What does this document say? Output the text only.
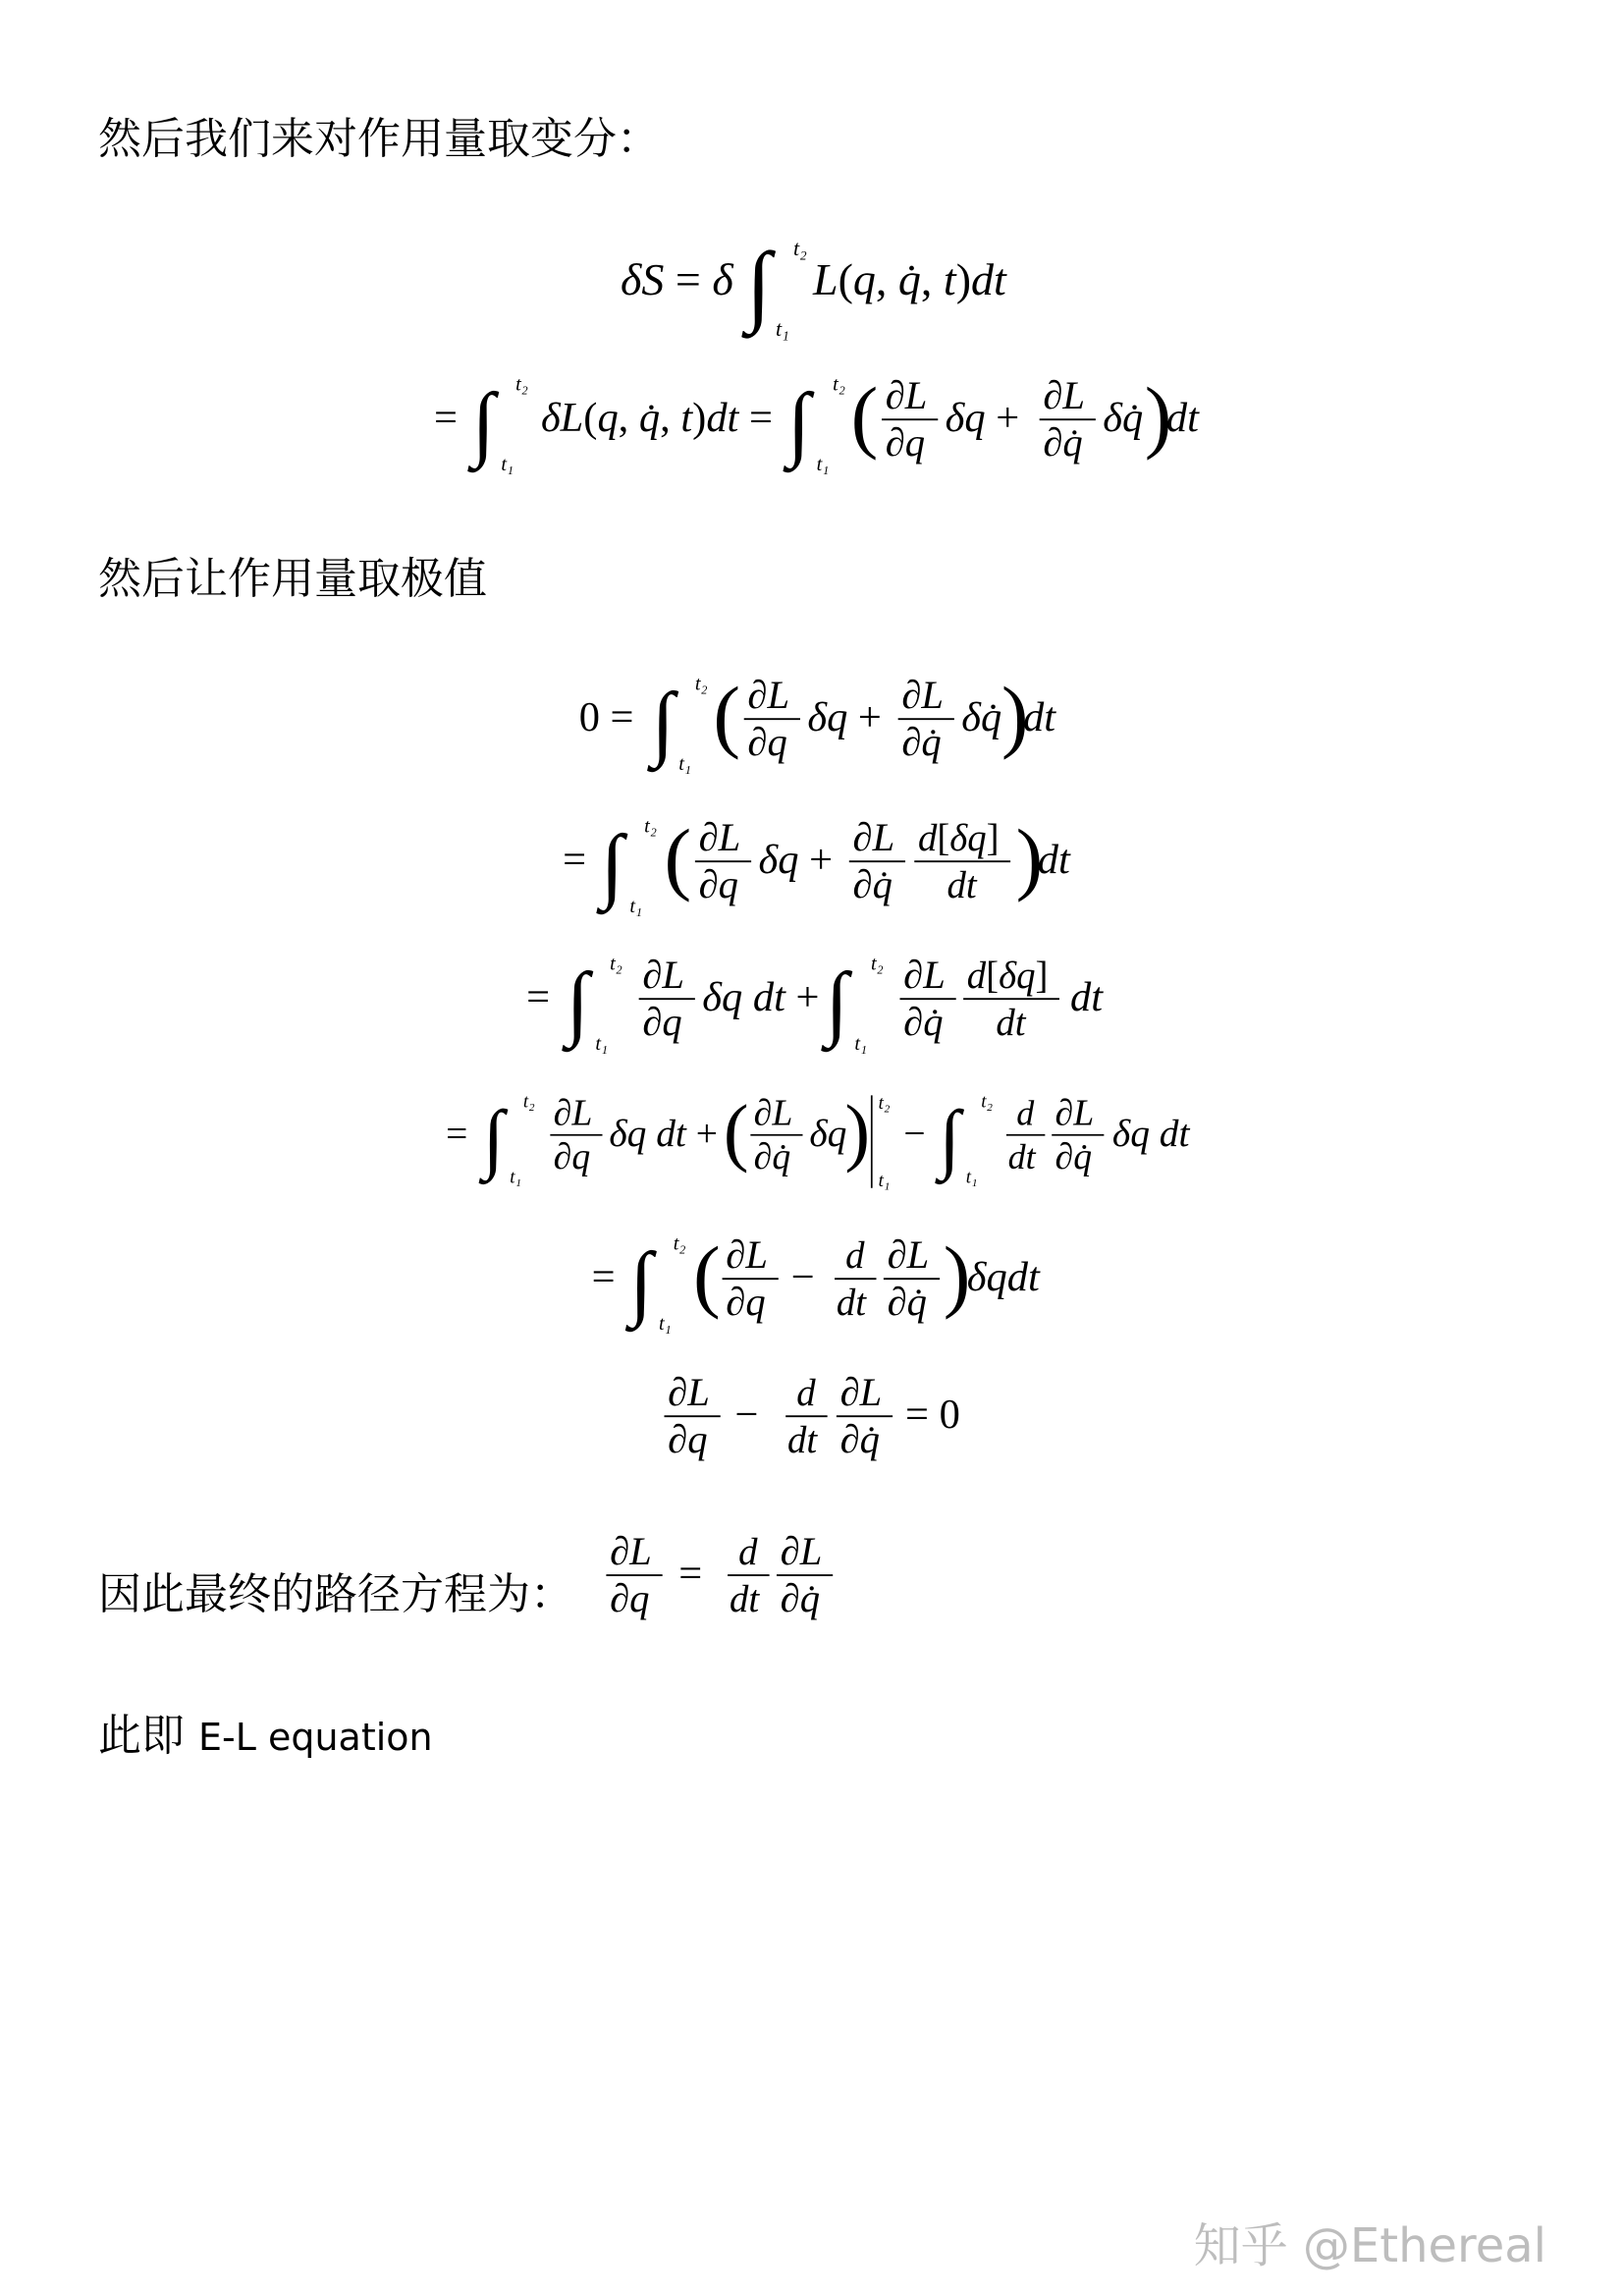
然后我们来对作用量取变分：
δS = δ ∫ t₂
t₁
L(q, q̇, t)dt
= ∫ t₂
t₁
δL(q, q̇, t)dt = ∫ t₂
t₁
( ∂L
∂q
δq + ∂L
∂q̇
δq̇ )
dt
然后让作用量取极值
0 = ∫ t₂
t₁
( ∂L
∂q
δq + ∂L
∂q̇
δq̇ )
dt
= ∫ t₂
t₁
( ∂L
∂q
δq + ∂L
∂q̇
d[δq]
dt )
dt
= ∫ t₂
t₁
∂L
∂q
δq dt + ∫ t₂
t₁
∂L
∂q̇
d[δq]
dt
dt
= ∫ t₂
t₁
∂L
∂q
δq dt + ( ∂L
∂q̇
δq
) t₂
t₁
− ∫ t₂
t₁
d
dt
∂L
∂q̇
δq dt
= ∫ t₂
t₁
( ∂L
∂q
− d
dt
∂L
∂q̇ )
δqdt
∂L
∂q
− d
dt
∂L
∂q̇
= 0
因此最终的路径方程为：
∂L
∂q
= d
dt
∂L
∂q̇
此即 E-L equation
知乎 @Ethereal
